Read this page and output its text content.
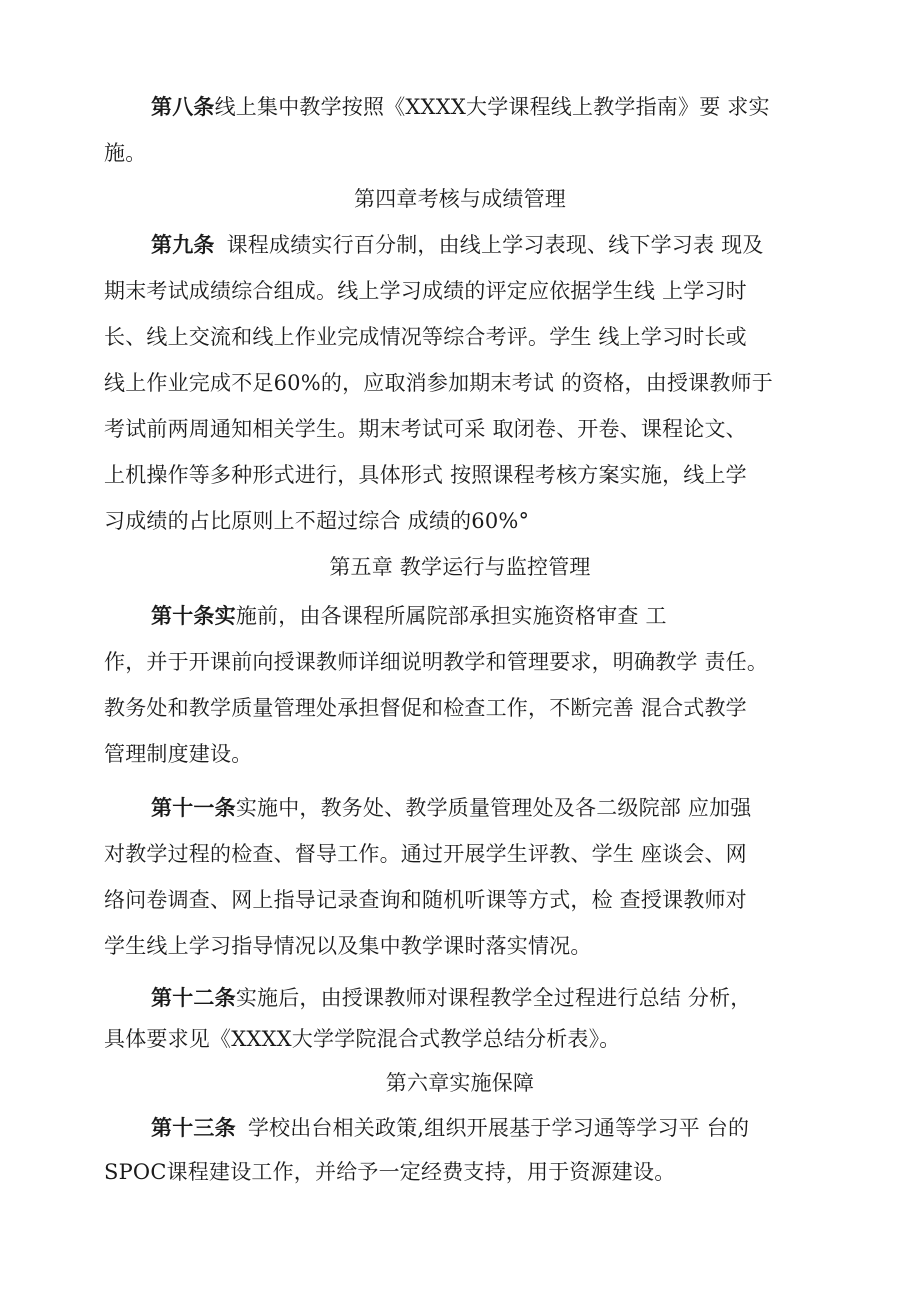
第八条线上集中教学按照《XXXX大学课程线上教学指南》要 求实
施。
第四章考核与成绩管理
第九条 课程成绩实行百分制，由线上学习表现、线下学习表 现及
期末考试成绩综合组成。线上学习成绩的评定应依据学生线 上学习时
长、线上交流和线上作业完成情况等综合考评。学生 线上学习时长或
线上作业完成不足60%的，应取消参加期末考试 的资格，由授课教师于
考试前两周通知相关学生。期末考试可采 取闭卷、开卷、课程论文、
上机操作等多种形式进行，具体形式 按照课程考核方案实施，线上学
习成绩的占比原则上不超过综合 成绩的60%°
第五章 教学运行与监控管理
第十条实施前，由各课程所属院部承担实施资格审查 工
作，并于开课前向授课教师详细说明教学和管理要求，明确教学 责任。
教务处和教学质量管理处承担督促和检查工作，不断完善 混合式教学
管理制度建设。
第十一条实施中，教务处、教学质量管理处及各二级院部 应加强
对教学过程的检查、督导工作。通过开展学生评教、学生 座谈会、网
络问卷调查、网上指导记录查询和随机听课等方式，检 查授课教师对
学生线上学习指导情况以及集中教学课时落实情况。
第十二条实施后，由授课教师对课程教学全过程进行总结 分析，
具体要求见《XXXX大学学院混合式教学总结分析表》。
第六章实施保障
第十三条 学校出台相关政策,组织开展基于学习通等学习平 台的
SPOC课程建设工作，并给予一定经费支持，用于资源建设。
